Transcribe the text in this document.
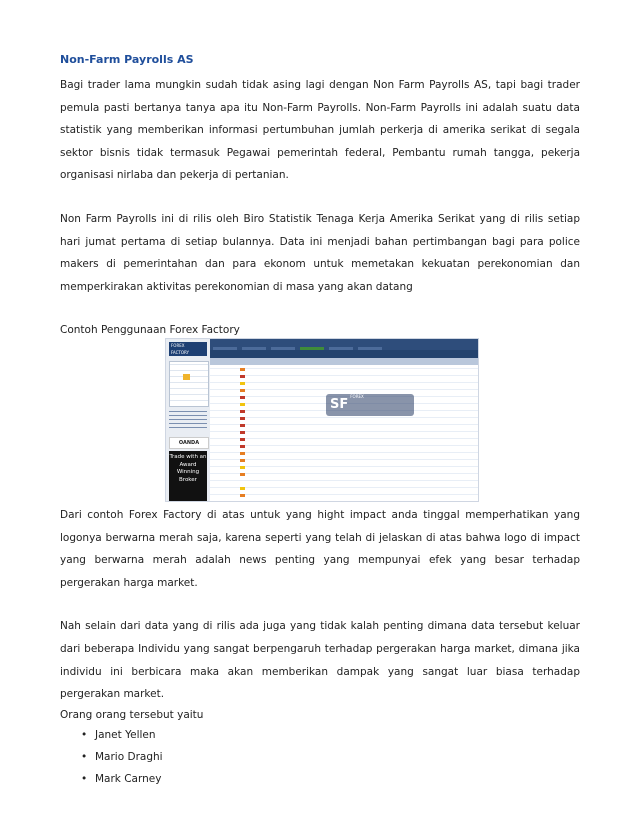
Non-Farm Payrolls AS

Bagi trader lama mungkin sudah tidak asing lagi dengan Non Farm Payrolls AS, tapi bagi trader pemula pasti bertanya tanya apa itu Non-Farm Payrolls. Non-Farm Payrolls ini adalah suatu data statistik yang memberikan informasi pertumbuhan jumlah perkerja di amerika serikat di segala sektor bisnis tidak termasuk Pegawai pemerintah federal, Pembantu rumah tangga, pekerja organisasi nirlaba dan pekerja di pertanian.

Non Farm Payrolls ini di rilis oleh Biro Statistik Tenaga Kerja Amerika Serikat yang di rilis setiap hari jumat pertama di setiap bulannya. Data ini menjadi bahan pertimbangan bagi para police makers di pemerintahan dan para ekonom untuk memetakan kekuatan perekonomian dan memperkirakan aktivitas perekonomian di masa yang akan datang

Contoh Penggunaan Forex Factory

FOREX
FACTORY
OANDA
Trade with an Award Winning Broker
SFFOREX

Dari contoh Forex Factory di atas untuk yang hight impact anda tinggal memperhatikan yang logonya berwarna merah saja, karena seperti yang telah di jelaskan di atas bahwa logo di impact yang berwarna merah adalah news penting yang mempunyai efek yang besar terhadap pergerakan harga market.

Nah selain dari data yang di rilis ada juga yang tidak kalah penting dimana data tersebut keluar dari beberapa Individu yang sangat berpengaruh terhadap pergerakan harga market, dimana jika individu ini berbicara maka akan memberikan dampak yang sangat luar biasa terhadap pergerakan market.

Orang orang tersebut yaitu

• Janet Yellen
• Mario Draghi
• Mark Carney
